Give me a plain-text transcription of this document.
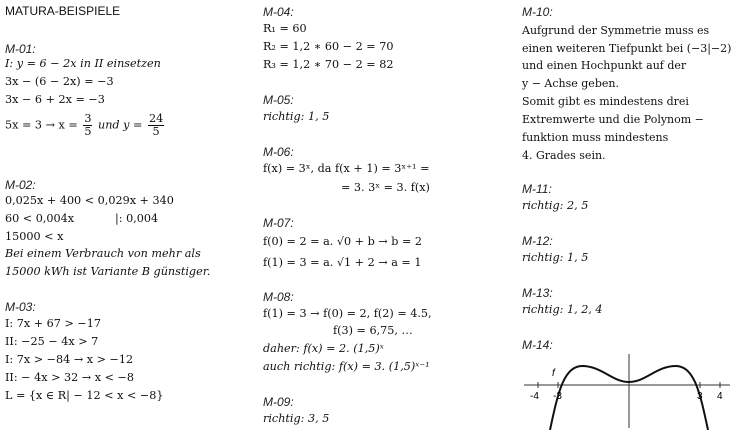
MATURA-BEISPIELE
M-01:
I: y = 6 − 2x in II einsetzen
3x − (6 − 2x) = −3
3x − 6 + 2x = −3
$5x = 3 \to x = \frac{3}{5}$ und $y = \frac{24}{5}$
M-02:
0,025x + 400 < 0,029x + 340
60 < 0,004x	|: 0,004
15000 < x
Bei einem Verbrauch von mehr als
15000 kWh ist Variante B günstiger.
M-03:
I: 7x + 67 > −17
II: −25 − 4x > 7
I: 7x > −84 → x > −12
II: − 4x > 32 → x < −8
L = {x ∈ R| − 12 < x < −8}
M-04:
R₁ = 60
R₂ = 1,2 ∗ 60 − 2 = 70
R₃ = 1,2 ∗ 70 − 2 = 82
M-05:
richtig: 1, 5
M-06:
f(x) = 3ˣ, da f(x + 1) = 3ˣ⁺¹ =
= 3. 3ˣ = 3. f(x)
M-07:
f(0) = 2 = a. √0 + b → b = 2
f(1) = 3 = a. √1 + 2 → a = 1
M-08:
f(1) = 3 → f(0) = 2, f(2) = 4.5,
f(3) = 6,75, …
daher: f(x) = 2. (1,5)ˣ
auch richtig: f(x) = 3. (1,5)ˣ⁻¹
M-09:
richtig: 3, 5
M-10:
Aufgrund der Symmetrie muss es
einen weiteren Tiefpunkt bei (−3|−2)
und einen Hochpunkt auf der
y − Achse geben.
Somit gibt es mindestens drei
Extremwerte und die Polynom −
funktion muss mindestens
4. Grades sein.
M-11:
richtig: 2, 5
M-12:
richtig: 1, 5
M-13:
richtig: 1, 2, 4
M-14:
f
-4 -3	3 4
